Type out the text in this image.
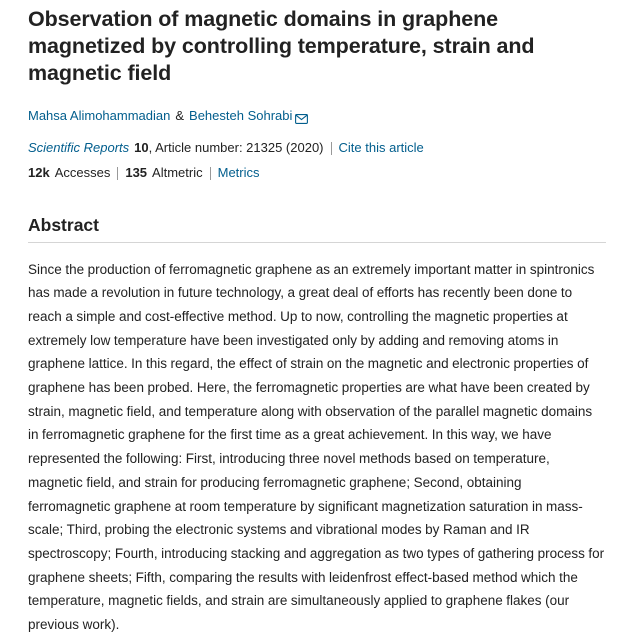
Observation of magnetic domains in graphene magnetized by controlling temperature, strain and magnetic field
Mahsa Alimohammadian & Behesteh Sohrabi
Scientific Reports 10 , Article number: 21325 (2020) Cite this article
12k Accesses 135 Altmetric Metrics
Abstract

Since the production of ferromagnetic graphene as an extremely important matter in spintronics has made a revolution in future technology, a great deal of efforts has recently been done to reach a simple and cost-effective method. Up to now, controlling the magnetic properties at extremely low temperature have been investigated only by adding and removing atoms in graphene lattice. In this regard, the effect of strain on the magnetic and electronic properties of graphene has been probed. Here, the ferromagnetic properties are what have been created by strain, magnetic field, and temperature along with observation of the parallel magnetic domains in ferromagnetic graphene for the first time as a great achievement. In this way, we have represented the following: First, introducing three novel methods based on temperature, magnetic field, and strain for producing ferromagnetic graphene; Second, obtaining ferromagnetic graphene at room temperature by significant magnetization saturation in mass-scale; Third, probing the electronic systems and vibrational modes by Raman and IR spectroscopy; Fourth, introducing stacking and aggregation as two types of gathering process for graphene sheets; Fifth, comparing the results with leidenfrost effect-based method which the temperature, magnetic fields, and strain are simultaneously applied to graphene flakes (our previous work).
